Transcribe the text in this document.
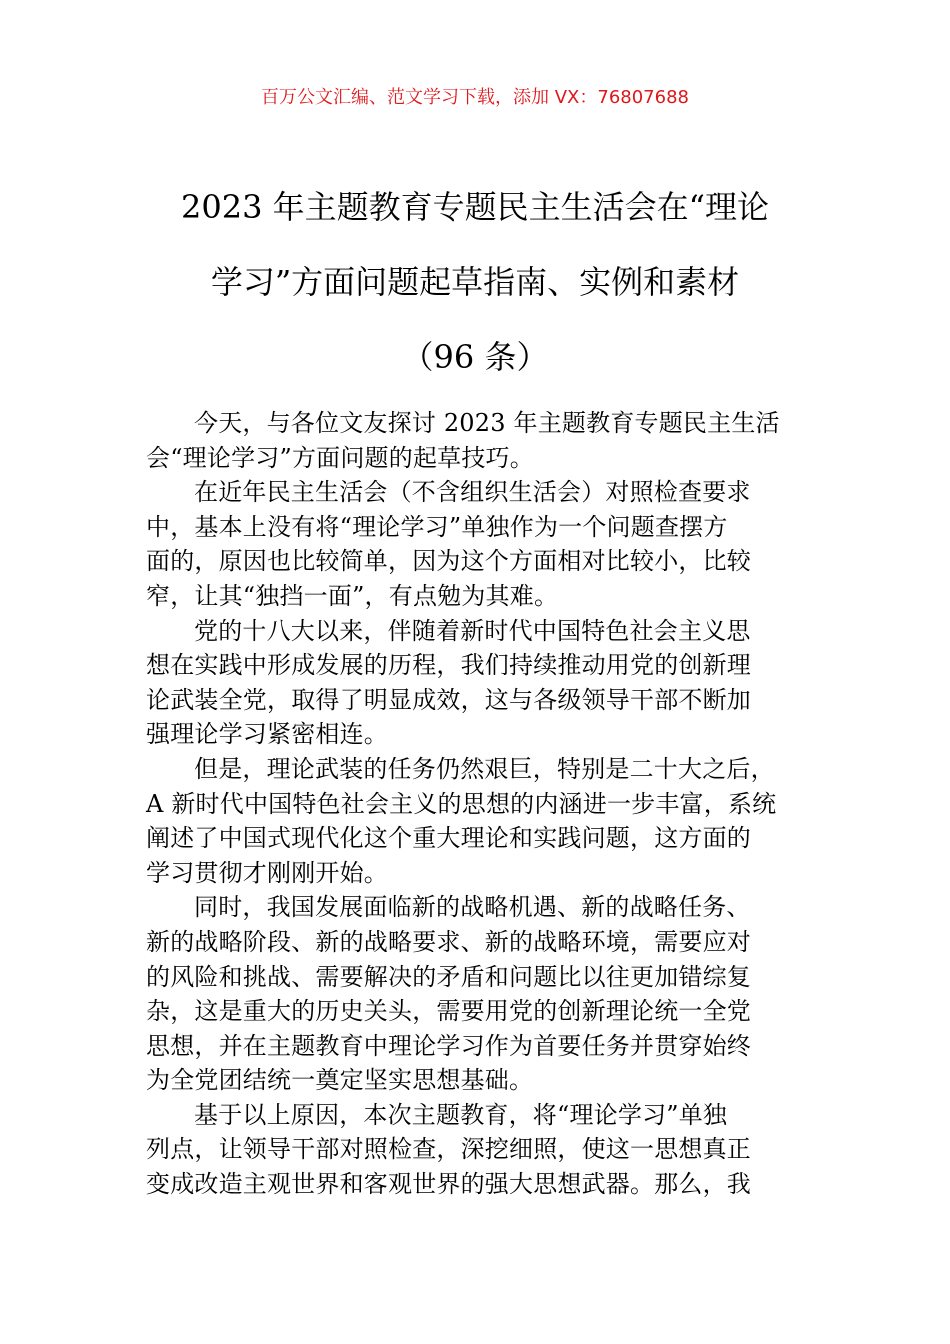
百万公文汇编、范文学习下载，添加 VX：76807688
2023 年主题教育专题民主生活会在“理论
学习”方面问题起草指南、实例和素材
（96 条）
今天，与各位文友探讨 2023 年主题教育专题民主生活
会“理论学习”方面问题的起草技巧。
在近年民主生活会（不含组织生活会）对照检查要求
中，基本上没有将“理论学习”单独作为一个问题查摆方
面的，原因也比较简单，因为这个方面相对比较小，比较
窄，让其“独挡一面”，有点勉为其难。
党的十八大以来，伴随着新时代中国特色社会主义思
想在实践中形成发展的历程，我们持续推动用党的创新理
论武装全党，取得了明显成效，这与各级领导干部不断加
强理论学习紧密相连。
但是，理论武装的任务仍然艰巨，特别是二十大之后，
A 新时代中国特色社会主义的思想的内涵进一步丰富，系统
阐述了中国式现代化这个重大理论和实践问题，这方面的
学习贯彻才刚刚开始。
同时，我国发展面临新的战略机遇、新的战略任务、
新的战略阶段、新的战略要求、新的战略环境，需要应对
的风险和挑战、需要解决的矛盾和问题比以往更加错综复
杂，这是重大的历史关头，需要用党的创新理论统一全党
思想，并在主题教育中理论学习作为首要任务并贯穿始终
为全党团结统一奠定坚实思想基础。
基于以上原因，本次主题教育，将“理论学习”单独
列点，让领导干部对照检查，深挖细照，使这一思想真正
变成改造主观世界和客观世界的强大思想武器。那么，我
